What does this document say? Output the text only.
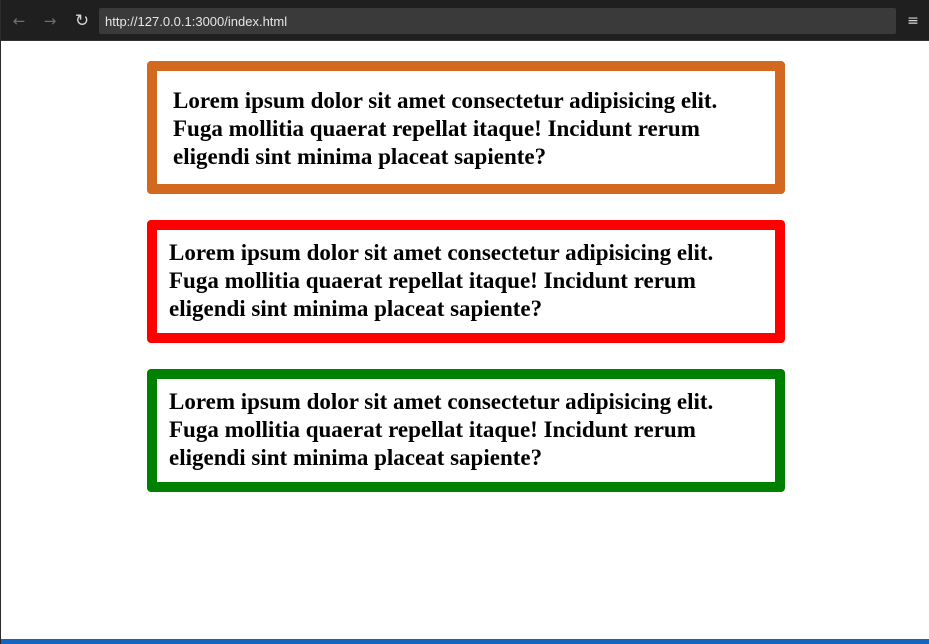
←	→ ↻
http://127.0.0.1:3000/index.html	≡

Lorem ipsum dolor sit amet consectetur adipisicing elit. Fuga mollitia quaerat repellat itaque! Incidunt rerum eligendi sint minima placeat sapiente?

Lorem ipsum dolor sit amet consectetur adipisicing elit. Fuga mollitia quaerat repellat itaque! Incidunt rerum eligendi sint minima placeat sapiente?

Lorem ipsum dolor sit amet consectetur adipisicing elit. Fuga mollitia quaerat repellat itaque! Incidunt rerum eligendi sint minima placeat sapiente?
